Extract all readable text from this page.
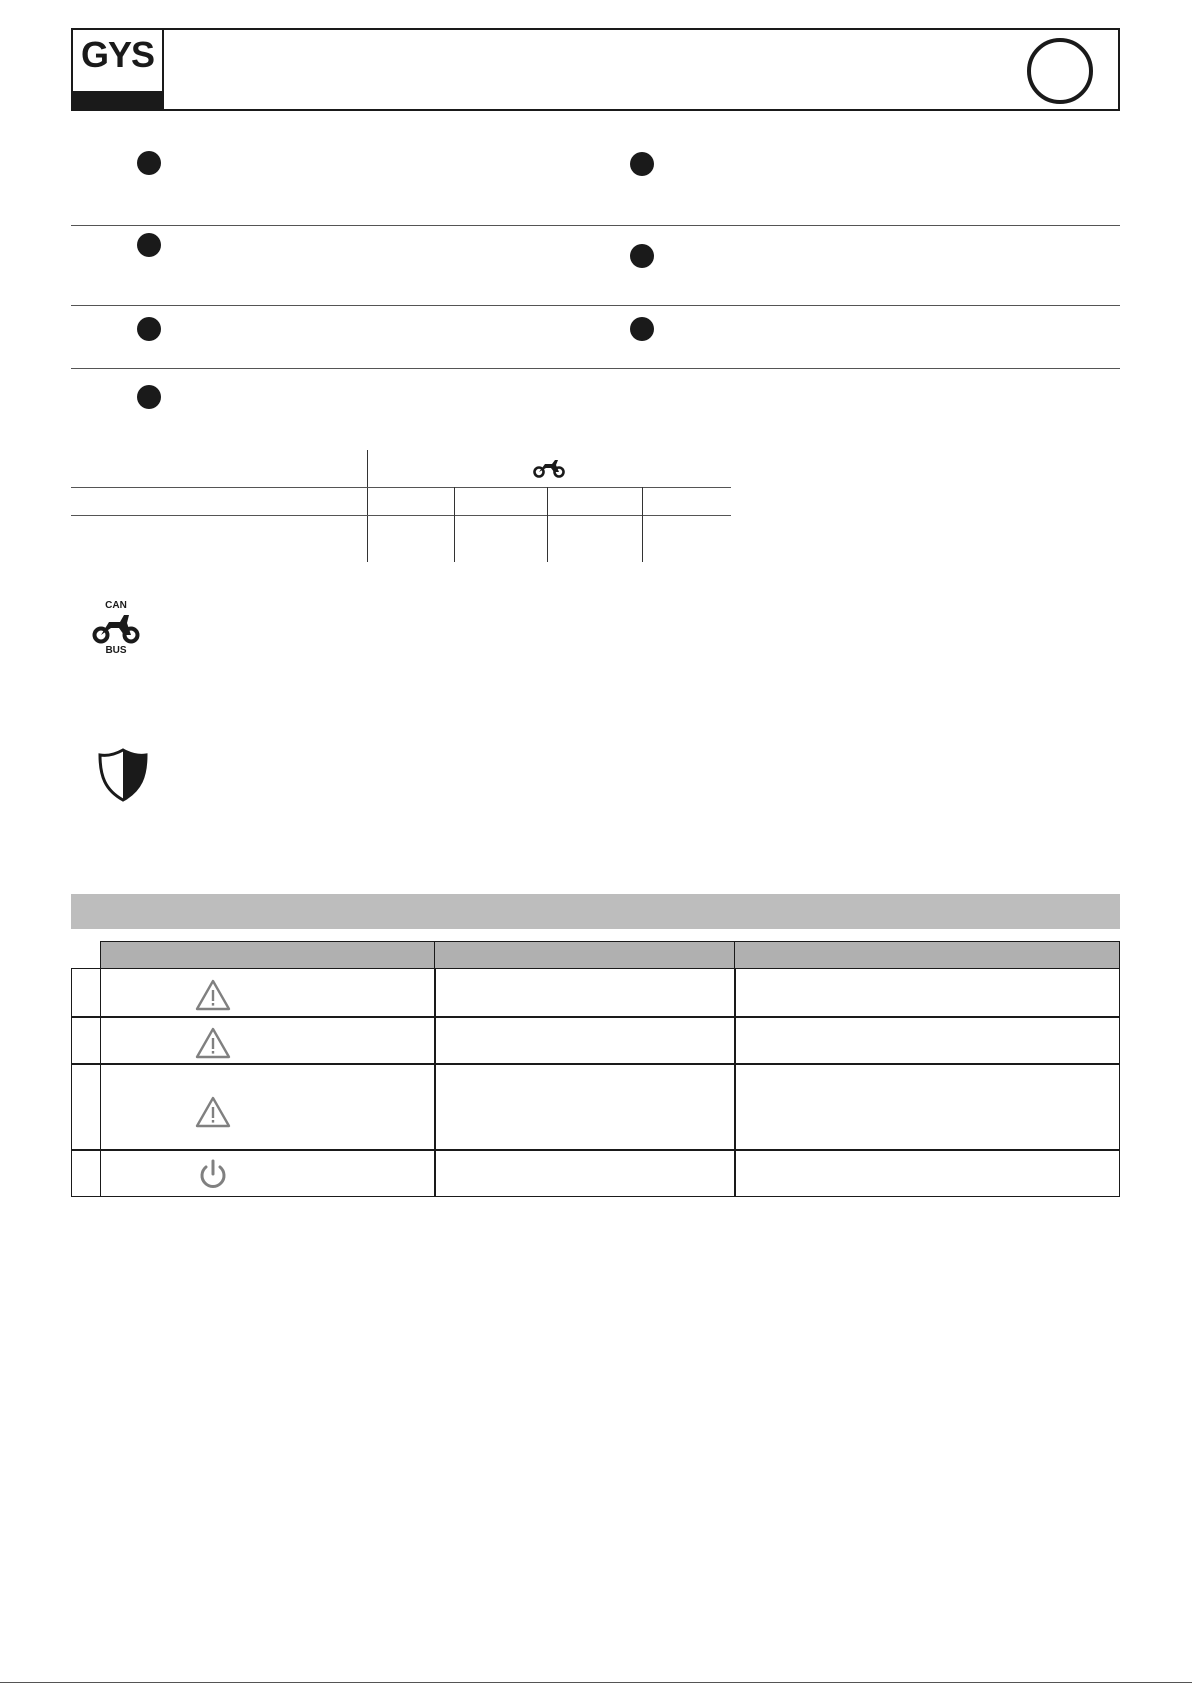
GYS
CAN
BUS
